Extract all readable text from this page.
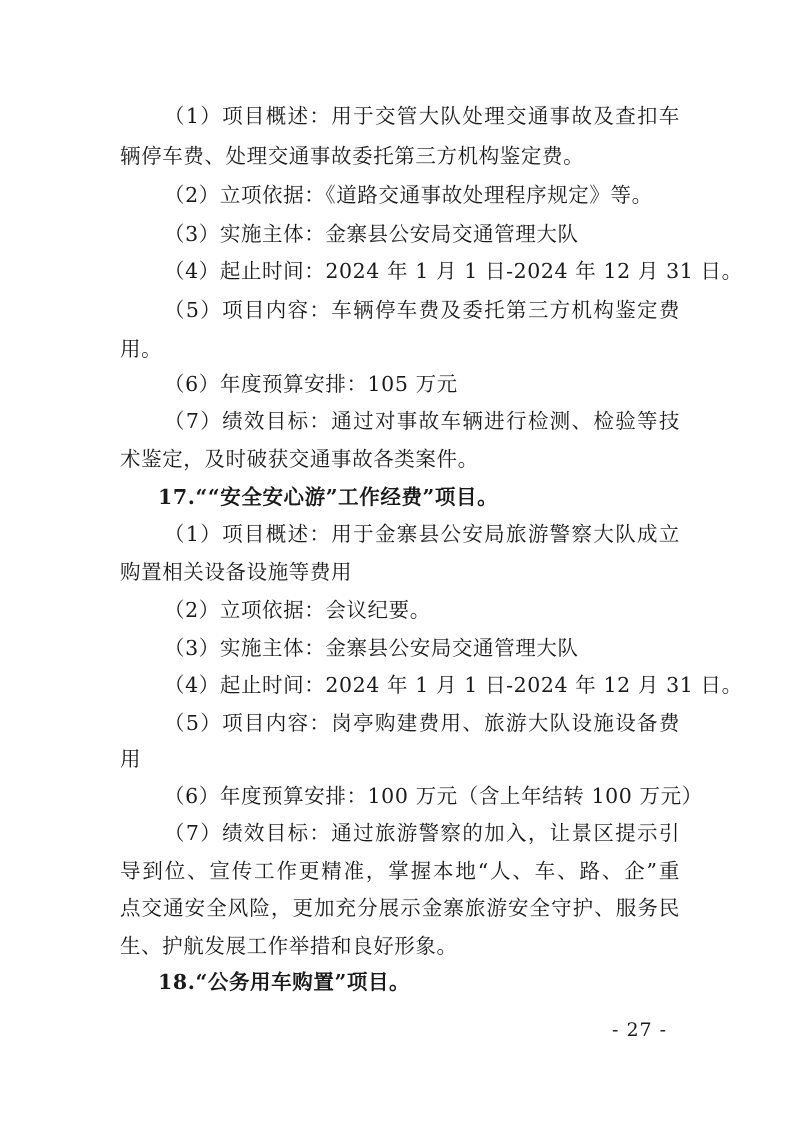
（1）项目概述：用于交管大队处理交通事故及查扣车
辆停车费、处理交通事故委托第三方机构鉴定费。
（2）立项依据：《道路交通事故处理程序规定》等。
（3）实施主体：金寨县公安局交通管理大队
（4）起止时间：2024 年 1 月 1 日-2024 年 12 月 31 日。
（5）项目内容：车辆停车费及委托第三方机构鉴定费
用。
（6）年度预算安排：105 万元
（7）绩效目标：通过对事故车辆进行检测、检验等技
术鉴定，及时破获交通事故各类案件。
17.““安全安心游”工作经费”项目。
（1）项目概述：用于金寨县公安局旅游警察大队成立
购置相关设备设施等费用
（2）立项依据：会议纪要。
（3）实施主体：金寨县公安局交通管理大队
（4）起止时间：2024 年 1 月 1 日-2024 年 12 月 31 日。
（5）项目内容：岗亭购建费用、旅游大队设施设备费
用
（6）年度预算安排：100 万元（含上年结转 100 万元）
（7）绩效目标：通过旅游警察的加入，让景区提示引
导到位、宣传工作更精准，掌握本地“人、车、路、企”重
点交通安全风险，更加充分展示金寨旅游安全守护、服务民
生、护航发展工作举措和良好形象。
18.“公务用车购置”项目。
- 27 -
